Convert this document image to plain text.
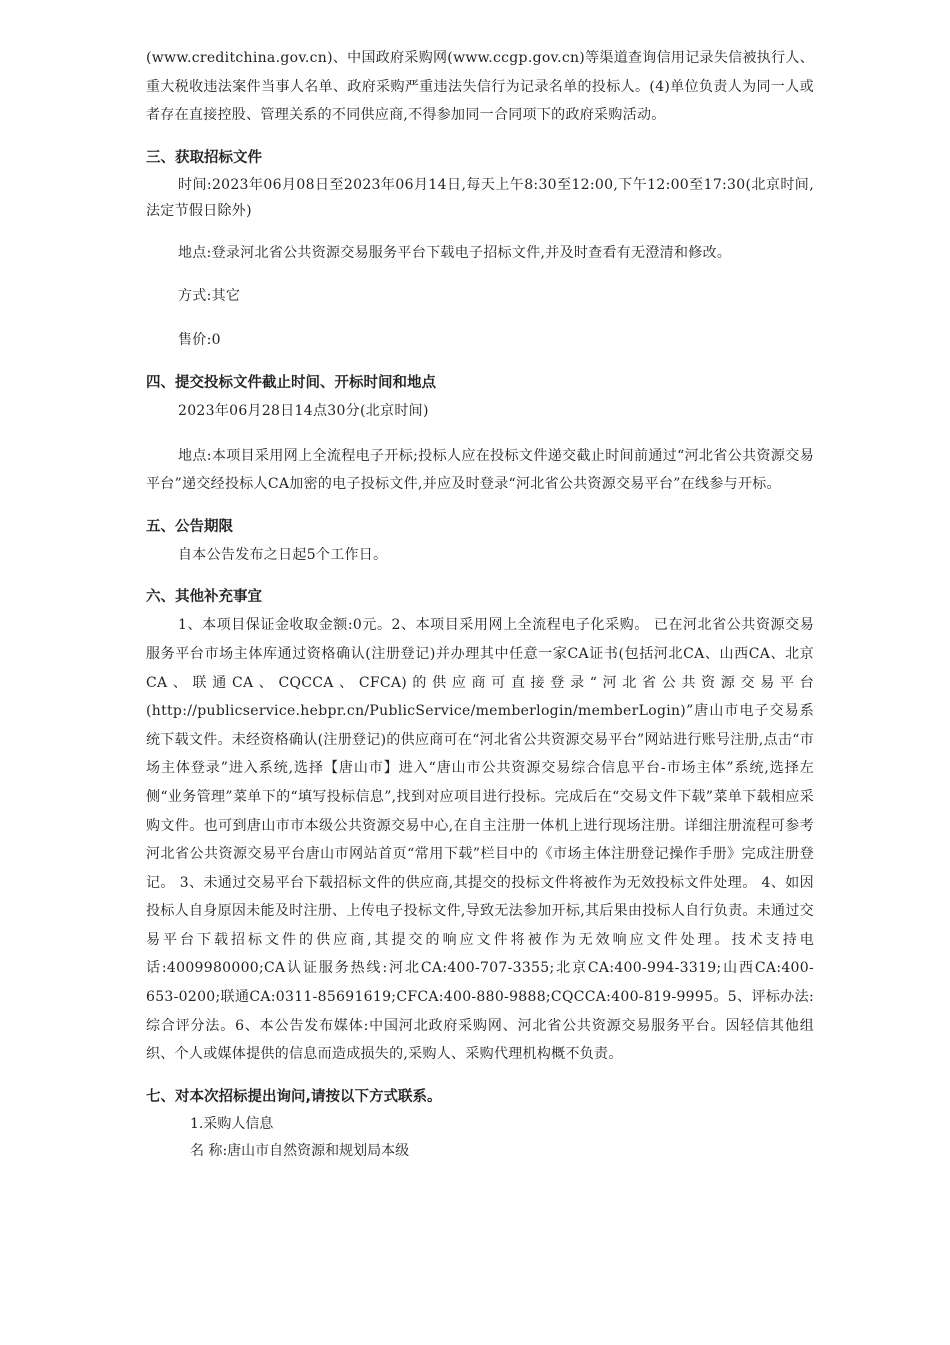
(www.creditchina.gov.cn)、中国政府采购网(www.ccgp.gov.cn)等渠道查询信用记录失信被执行人、重大税收违法案件当事人名单、政府采购严重违法失信行为记录名单的投标人。(4)单位负责人为同一人或者存在直接控股、管理关系的不同供应商,不得参加同一合同项下的政府采购活动。

三、获取招标文件

时间:2023年06月08日至2023年06月14日,每天上午8:30至12:00,下午12:00至17:30(北京时间,法定节假日除外)

地点:登录河北省公共资源交易服务平台下载电子招标文件,并及时查看有无澄清和修改。

方式:其它

售价:0

四、提交投标文件截止时间、开标时间和地点

2023年06月28日14点30分(北京时间)

地点:本项目采用网上全流程电子开标;投标人应在投标文件递交截止时间前通过“河北省公共资源交易平台”递交经投标人CA加密的电子投标文件,并应及时登录“河北省公共资源交易平台”在线参与开标。

五、公告期限

自本公告发布之日起5个工作日。

六、其他补充事宜

1、本项目保证金收取金额:0元。2、本项目采用网上全流程电子化采购。 已在河北省公共资源交易服务平台市场主体库通过资格确认(注册登记)并办理其中任意一家CA证书(包括河北CA、山西CA、北京CA、联通CA、CQCCA、CFCA)的供应商可直接登录“河北省公共资源交易平台(http://publicservice.hebpr.cn/PublicService/memberlogin/memberLogin)”唐山市电子交易系统下载文件。未经资格确认(注册登记)的供应商可在“河北省公共资源交易平台”网站进行账号注册,点击“市场主体登录”进入系统,选择【唐山市】进入“唐山市公共资源交易综合信息平台-市场主体”系统,选择左侧“业务管理”菜单下的“填写投标信息”,找到对应项目进行投标。完成后在“交易文件下载”菜单下载相应采购文件。也可到唐山市市本级公共资源交易中心,在自主注册一体机上进行现场注册。详细注册流程可参考河北省公共资源交易平台唐山市网站首页“常用下载”栏目中的《市场主体注册登记操作手册》完成注册登记。 3、未通过交易平台下载招标文件的供应商,其提交的投标文件将被作为无效投标文件处理。 4、如因投标人自身原因未能及时注册、上传电子投标文件,导致无法参加开标,其后果由投标人自行负责。未通过交易平台下载招标文件的供应商,其提交的响应文件将被作为无效响应文件处理。技术支持电话:4009980000;CA认证服务热线:河北CA:400-707-3355;北京CA:400-994-3319;山西CA:400-653-0200;联通CA:0311-85691619;CFCA:400-880-9888;CQCCA:400-819-9995。5、评标办法:综合评分法。6、本公告发布媒体:中国河北政府采购网、河北省公共资源交易服务平台。因轻信其他组织、个人或媒体提供的信息而造成损失的,采购人、采购代理机构概不负责。

七、对本次招标提出询问,请按以下方式联系。

1.采购人信息

名 称:唐山市自然资源和规划局本级
